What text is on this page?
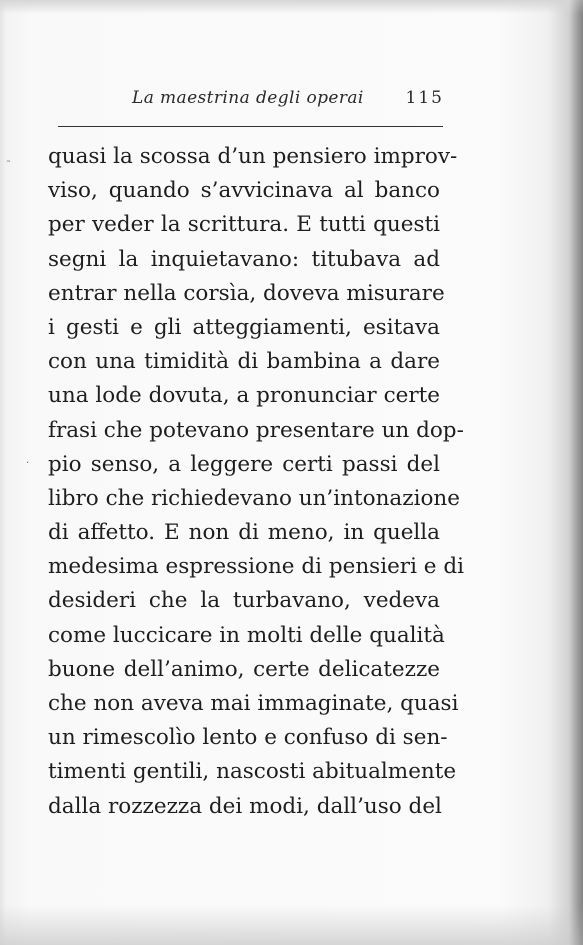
La maestrina degli operai 115
quasi la scossa d’un pensiero improv-
viso, quando s’avvicinava al banco
per veder la scrittura. E tutti questi
segni la inquietavano: titubava ad
entrar nella corsìa, doveva misurare
i gesti e gli atteggiamenti, esitava
con una timidità di bambina a dare
una lode dovuta, a pronunciar certe
frasi che potevano presentare un dop-
pio senso, a leggere certi passi del
libro che richiedevano un’intonazione
di affetto. E non di meno, in quella
medesima espressione di pensieri e di
desideri che la turbavano, vedeva
come luccicare in molti delle qualità
buone dell’animo, certe delicatezze
che non aveva mai immaginate, quasi
un rimescolìo lento e confuso di sen-
timenti gentili, nascosti abitualmente
dalla rozzezza dei modi, dall’uso del
˜
·
